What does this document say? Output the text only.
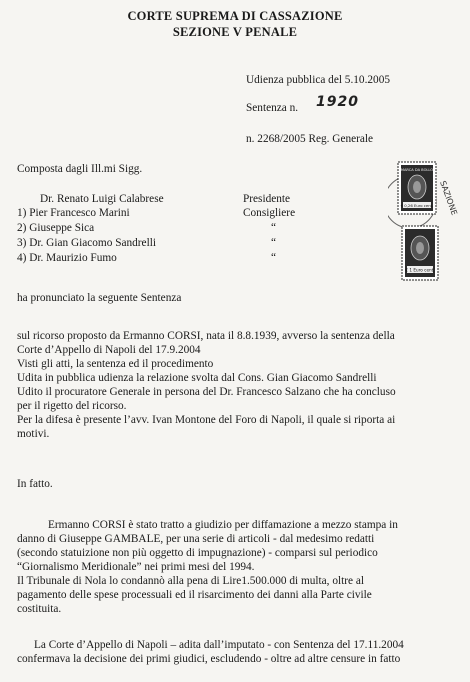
CORTE SUPREMA DI CASSAZIONE
SEZIONE V PENALE
Udienza pubblica del 5.10.2005
Sentenza n. 1920
n. 2268/2005 Reg. Generale
Composta dagli Ill.mi Sigg.
Dr. Renato Luigi Calabrese	Presidente
1) Pier Francesco Marini	Consigliere
2) Giuseppe Sica	“
3) Dr. Gian Giacomo Sandrelli	“
4) Dr. Maurizio Fumo	“
SAZIONE
MARCA DA BOLLO
€ 0,26 Euro cent.
€ 1 Euro cent.
ha pronunciato la seguente Sentenza
sul ricorso proposto da Ermanno CORSI, nata il 8.8.1939, avverso la sentenza della
Corte d’Appello di Napoli del 17.9.2004
Visti gli atti, la sentenza ed il procedimento
Udita in pubblica udienza la relazione svolta dal Cons. Gian Giacomo Sandrelli
Udito il procuratore Generale in persona del Dr. Francesco Salzano che ha concluso
per il rigetto del ricorso.
Per la difesa è presente l’avv. Ivan Montone del Foro di Napoli, il quale si riporta ai
motivi.
In fatto.
Ermanno CORSI è stato tratto a giudizio per diffamazione a mezzo stampa in
danno di Giuseppe GAMBALE, per una serie di articoli - dal medesimo redatti
(secondo statuizione non più oggetto di impugnazione) - comparsi sul periodico
“Giornalismo Meridionale” nei primi mesi del 1994.
Il Tribunale di Nola lo condannò alla pena di Lire1.500.000 di multa, oltre al
pagamento delle spese processuali ed il risarcimento dei danni alla Parte civile
costituita.
La Corte d’Appello di Napoli – adita dall’imputato - con Sentenza del 17.11.2004
confermava la decisione dei primi giudici, escludendo - oltre ad altre censure in fatto
